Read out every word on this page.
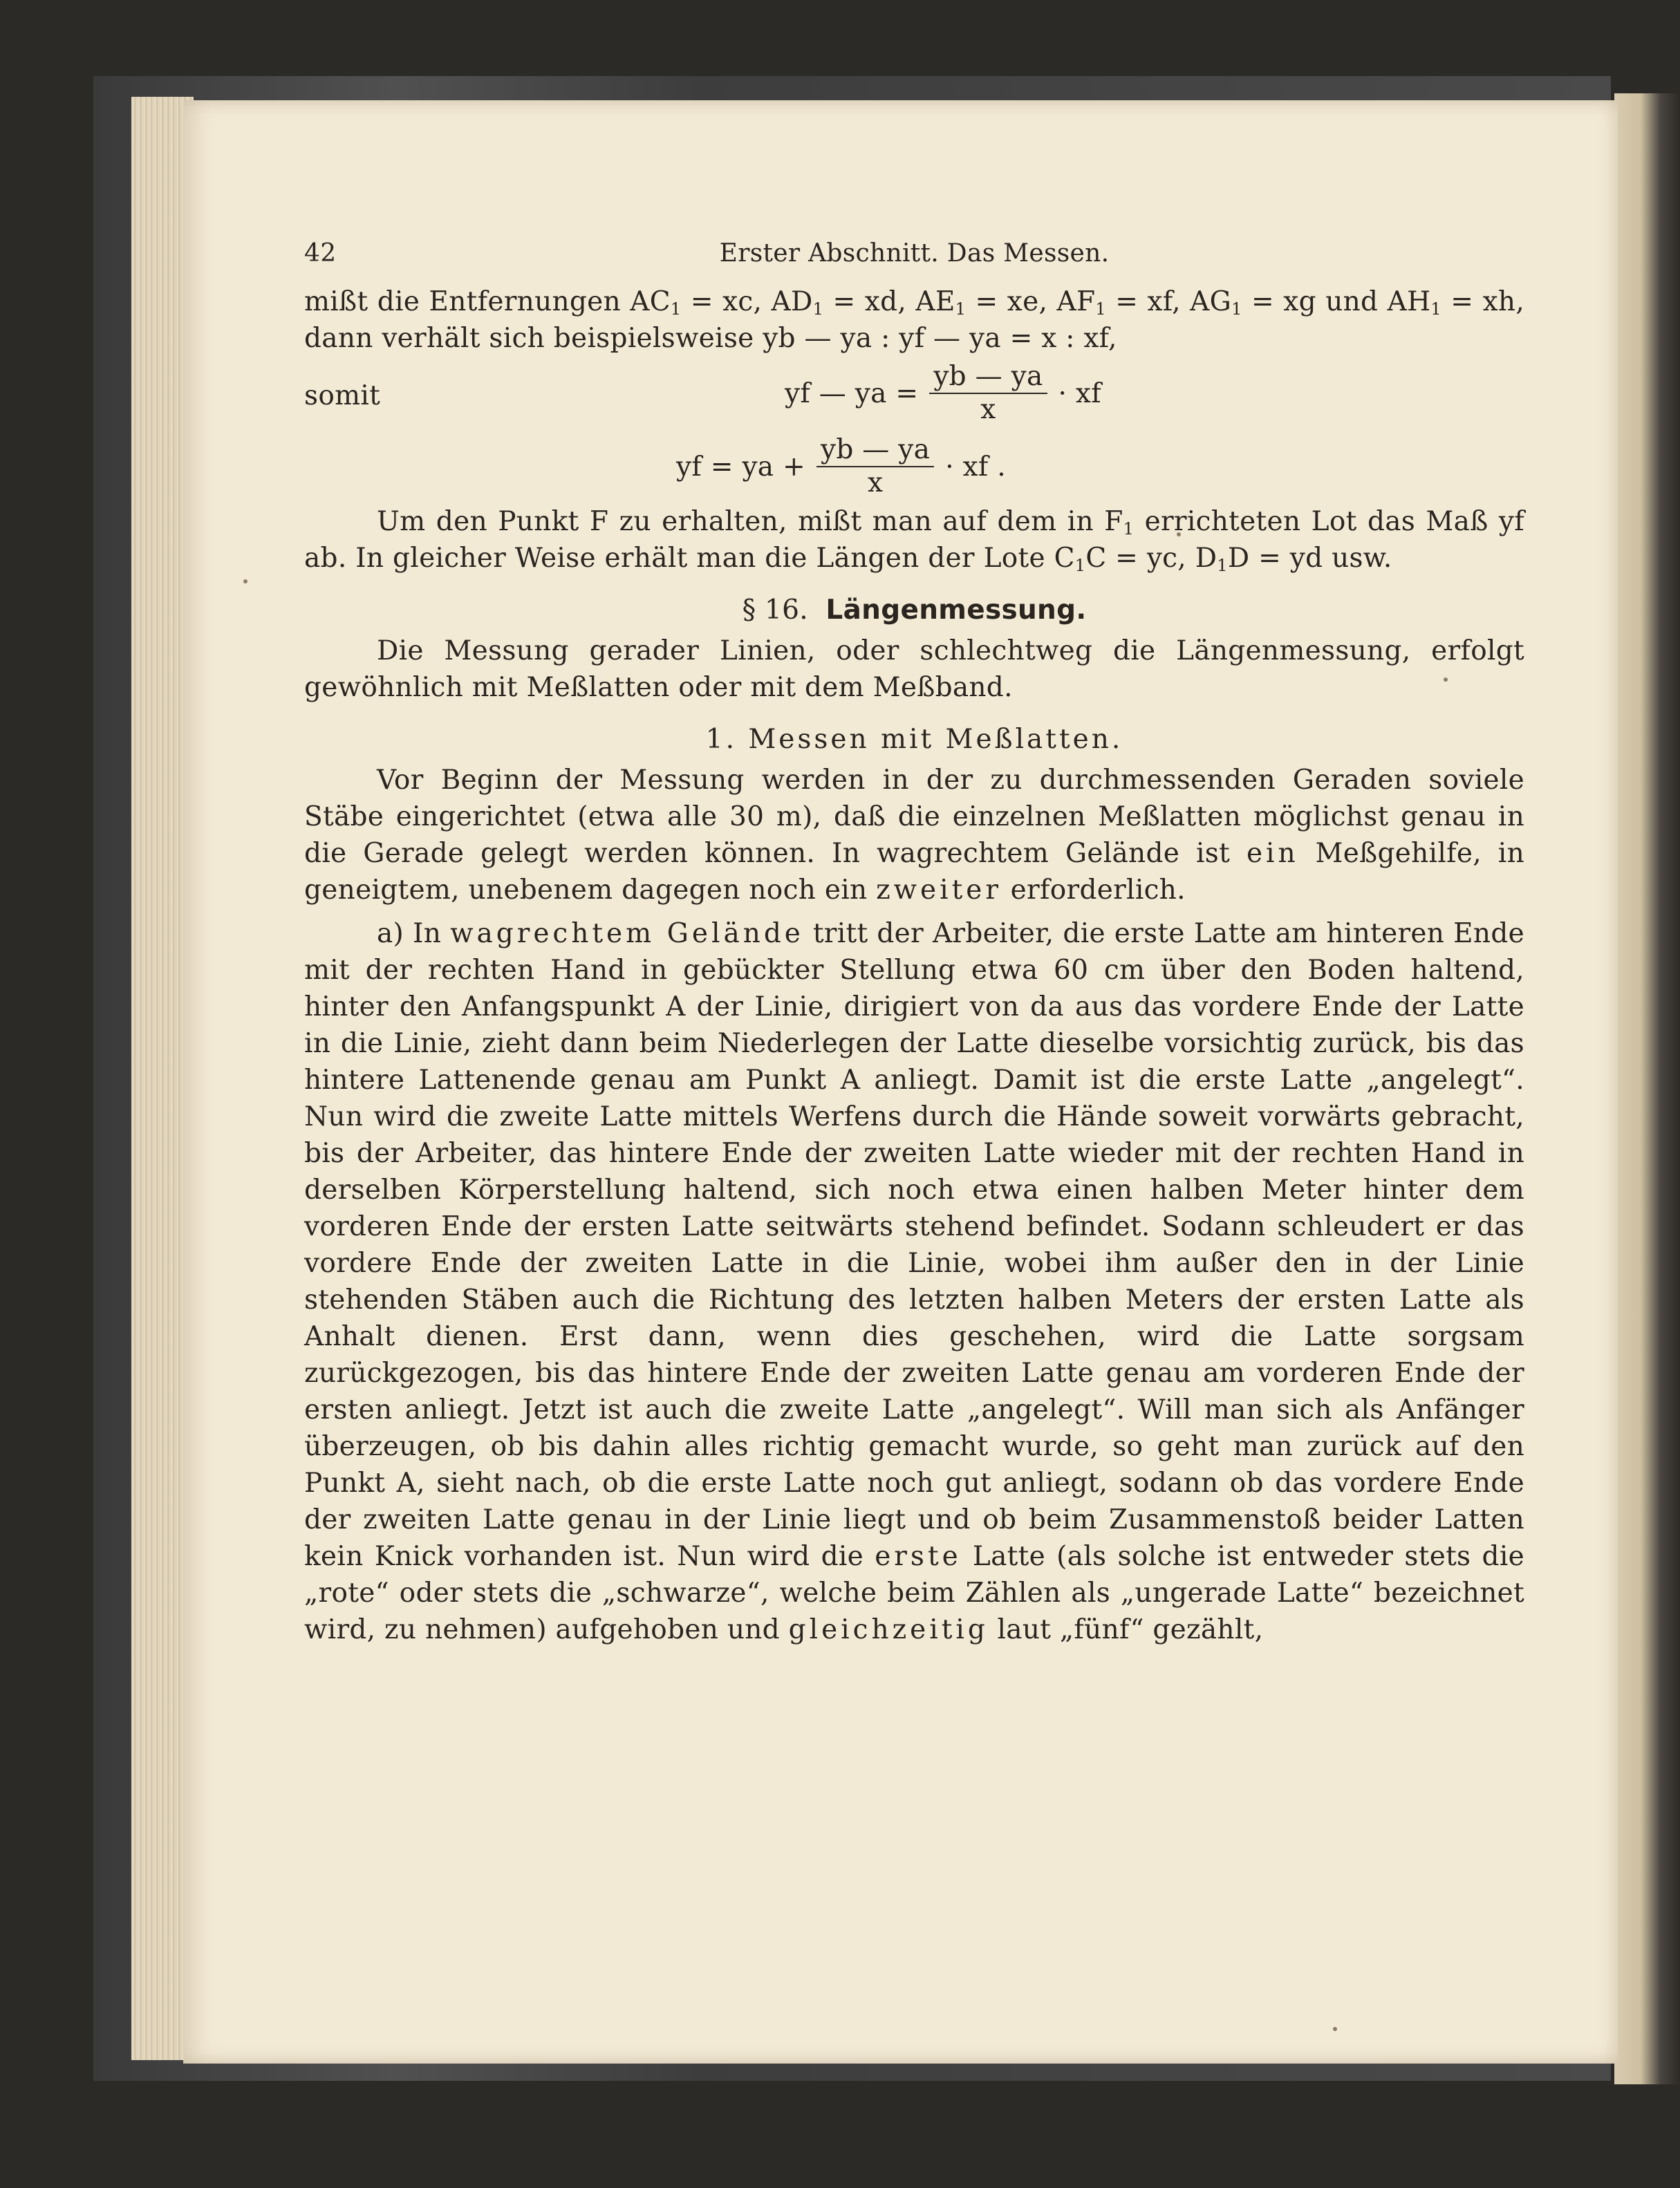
42	Erster Abschnitt. Das Messen.

mißt die Entfernungen $AC_1$ = xc, $AD_1$ = xd, $AE_1$ = xe, $AF_1$ = xf, $AG_1$ = xg und $AH_1$ = xh, dann verhält sich beispielsweise yb — ya : yf — ya = x : xf,

somit	yf — ya = $\frac{yb — ya}{x}$ · xf
yf = ya + $\frac{yb — ya}{x}$ · xf .

Um den Punkt F zu erhalten, mißt man auf dem in $F_1$ errichteten Lot das Maß yf ab. In gleicher Weise erhält man die Längen der Lote $C_1C$ = yc, $D_1D$ = yd usw.

§ 16. Längenmessung.

Die Messung gerader Linien, oder schlechtweg die Längenmessung, erfolgt gewöhnlich mit Meßlatten oder mit dem Meßband.

1. Messen mit Meßlatten.

Vor Beginn der Messung werden in der zu durchmessenden Geraden soviele Stäbe eingerichtet (etwa alle 30 m), daß die einzelnen Meßlatten möglichst genau in die Gerade gelegt werden können. In wagrechtem Gelände ist ein Meßgehilfe, in geneigtem, unebenem dagegen noch ein zweiter erforderlich.

a) In wagrechtem Gelände tritt der Arbeiter, die erste Latte am hinteren Ende mit der rechten Hand in gebückter Stellung etwa 60 cm über den Boden haltend, hinter den Anfangspunkt A der Linie, dirigiert von da aus das vordere Ende der Latte in die Linie, zieht dann beim Niederlegen der Latte dieselbe vorsichtig zurück, bis das hintere Lattenende genau am Punkt A anliegt. Damit ist die erste Latte „angelegt“. Nun wird die zweite Latte mittels Werfens durch die Hände soweit vorwärts gebracht, bis der Arbeiter, das hintere Ende der zweiten Latte wieder mit der rechten Hand in derselben Körperstellung haltend, sich noch etwa einen halben Meter hinter dem vorderen Ende der ersten Latte seitwärts stehend befindet. Sodann schleudert er das vordere Ende der zweiten Latte in die Linie, wobei ihm außer den in der Linie stehenden Stäben auch die Richtung des letzten halben Meters der ersten Latte als Anhalt dienen. Erst dann, wenn dies geschehen, wird die Latte sorgsam zurückgezogen, bis das hintere Ende der zweiten Latte genau am vorderen Ende der ersten anliegt. Jetzt ist auch die zweite Latte „angelegt“. Will man sich als Anfänger überzeugen, ob bis dahin alles richtig gemacht wurde, so geht man zurück auf den Punkt A, sieht nach, ob die erste Latte noch gut anliegt, sodann ob das vordere Ende der zweiten Latte genau in der Linie liegt und ob beim Zusammenstoß beider Latten kein Knick vorhanden ist. Nun wird die erste Latte (als solche ist entweder stets die „rote“ oder stets die „schwarze“, welche beim Zählen als „ungerade Latte“ bezeichnet wird, zu nehmen) aufgehoben und gleichzeitig laut „fünf“ gezählt,
